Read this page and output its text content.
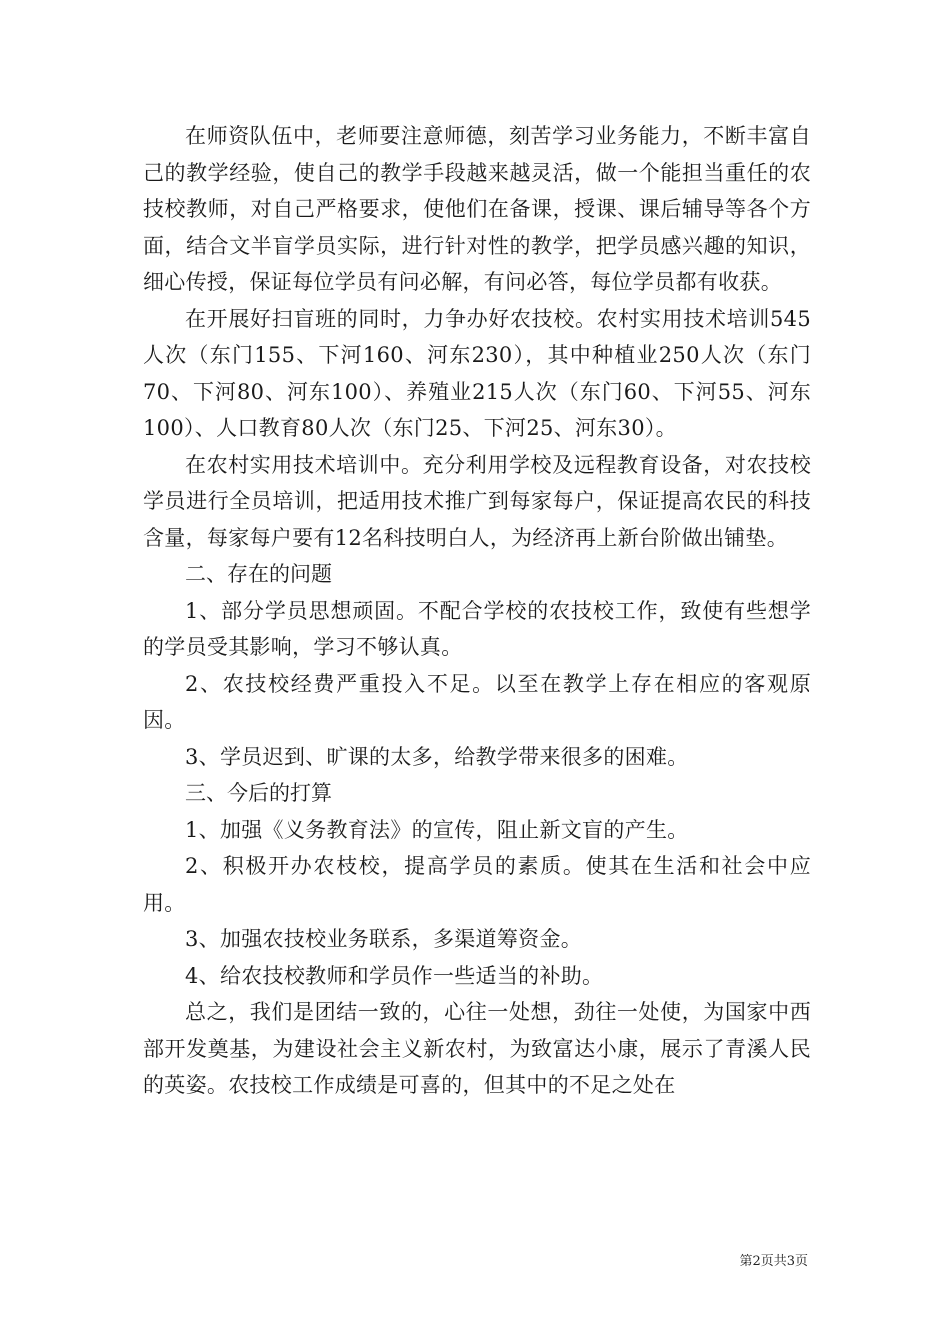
在师资队伍中，老师要注意师德，刻苦学习业务能力，不断丰富自己的教学经验，使自己的教学手段越来越灵活，做一个能担当重任的农技校教师，对自己严格要求，使他们在备课，授课、课后辅导等各个方面，结合文半盲学员实际，进行针对性的教学，把学员感兴趣的知识，细心传授，保证每位学员有问必解，有问必答，每位学员都有收获。

在开展好扫盲班的同时，力争办好农技校。农村实用技术培训545人次（东门155、下河160、河东230），其中种植业250人次（东门70、下河80、河东100）、养殖业215人次（东门60、下河55、河东100）、人口教育80人次（东门25、下河25、河东30）。

在农村实用技术培训中。充分利用学校及远程教育设备，对农技校学员进行全员培训，把适用技术推广到每家每户，保证提高农民的科技含量，每家每户要有12名科技明白人，为经济再上新台阶做出铺垫。

二、存在的问题

1、部分学员思想顽固。不配合学校的农技校工作，致使有些想学的学员受其影响，学习不够认真。

2、农技校经费严重投入不足。以至在教学上存在相应的客观原因。

3、学员迟到、旷课的太多，给教学带来很多的困难。

三、今后的打算

1、加强《义务教育法》的宣传，阻止新文盲的产生。

2、积极开办农枝校，提高学员的素质。使其在生活和社会中应用。

3、加强农技校业务联系，多渠道筹资金。

4、给农技校教师和学员作一些适当的补助。

总之，我们是团结一致的，心往一处想，劲往一处使，为国家中西部开发奠基，为建设社会主义新农村，为致富达小康，展示了青溪人民的英姿。农技校工作成绩是可喜的，但其中的不足之处在

第2页共3页
